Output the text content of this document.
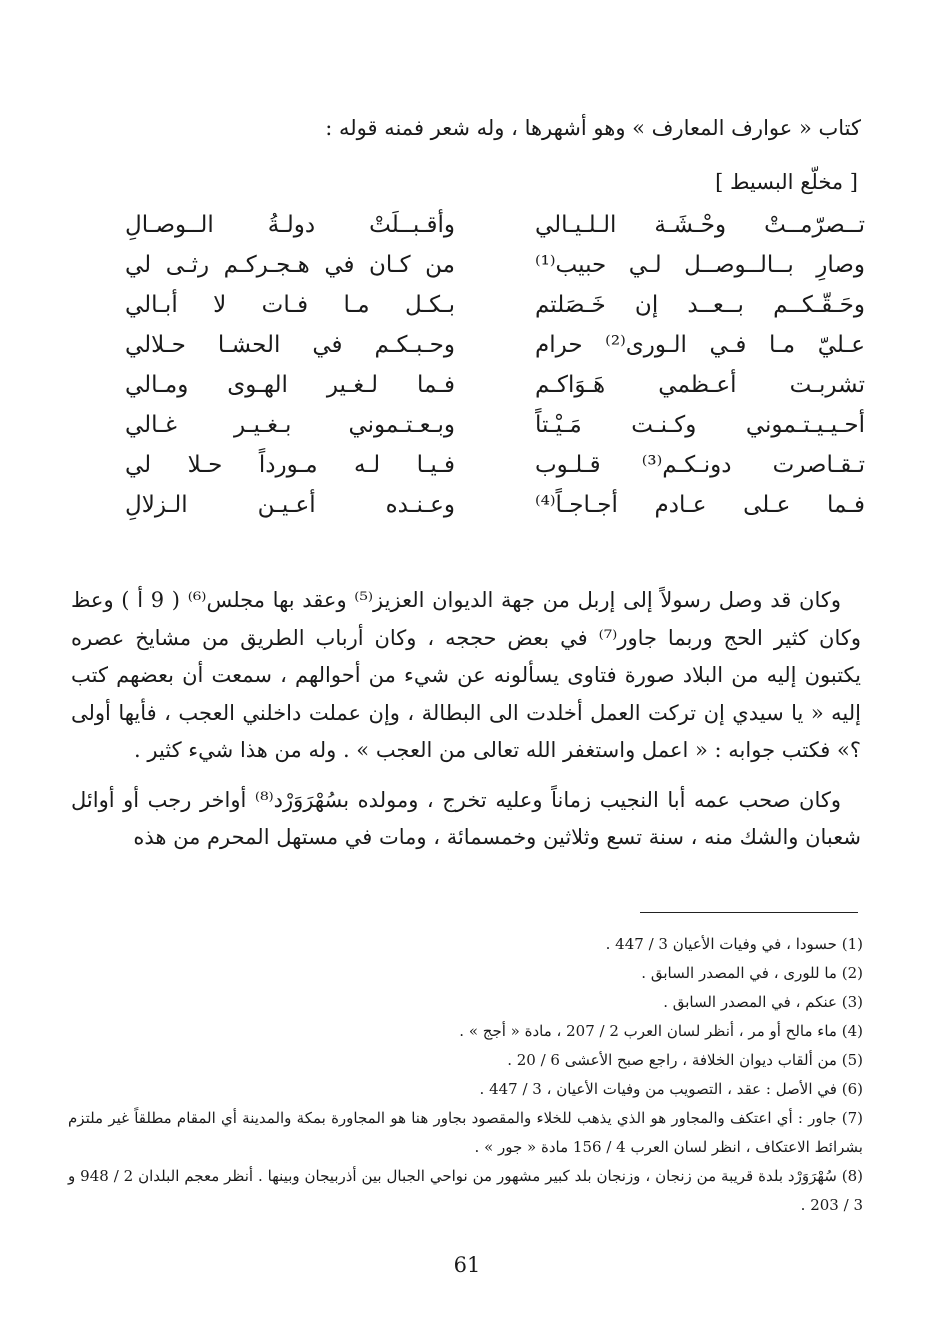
كتاب « عوارف المعارف » وهو أشهرها ، وله شعر فمنه قوله :
[ مخلّع البسيط ]
تــصرّمــتْ وحْـشَـة الـلـيـالي
وأقـبــلَتْ دولـةُ الــوصـالِ
وصارِ بــالــوصــل لـي حبيب⁽¹⁾
من كـان في هـجـركـم رثـى لي
وحَـقّـكــم بــعــد إن خَـصَلتم
بـكـل مـا فـات لا أبـالي
عـليّ مـا فـي الـورى⁽²⁾ حرام
وحـبـكـم في الحشـا حـلالي
تشربـت أعـظمي هَـوَاكـم
فـما لـغـير الهـوى ومـالي
أحـيـيـتـموني وكـنـت مَـيْـتاً
وبـعـتـموني بـغـيـر غـالي
تـقـاصرت دونـكـم⁽³⁾ قـلـوب
فـيـا لـه مـورداً حـلا لي
فـما عـلى عـادم أجـاجـاً⁽⁴⁾
وعـنـده أعـيـن الـزلالِ

وكان قد وصل رسولاً إلى إربل من جهة الديوان العزيز⁽⁵⁾ وعقد بها مجلس⁽⁶⁾ ( 9 أ ) وعظ وكان كثير الحج وربما جاور⁽⁷⁾ في بعض حججه ، وكان أرباب الطريق من مشايخ عصره يكتبون إليه من البلاد صورة فتاوى يسألونه عن شيء من أحوالهم ، سمعت أن بعضهم كتب إليه « يا سيدي إن تركت العمل أخلدت الى البطالة ، وإن عملت داخلني العجب ، فأيها أولى ؟» فكتب جوابه : « اعمل واستغفر الله تعالى من العجب » . وله من هذا شيء كثير .

وكان صحب عمه أبا النجيب زماناً وعليه تخرج ، ومولده بسُهْرَوَرْد⁽⁸⁾ أواخر رجب أو أوائل شعبان والشك منه ، سنة تسع وثلاثين وخمسمائة ، ومات في مستهل المحرم من هذه

(1) حسودا ، في وفيات الأعيان 3 / 447 .

(2) ما للورى ، في المصدر السابق .

(3) عنكم ، في المصدر السابق .

(4) ماء مالح أو مر ، أنظر لسان العرب 2 / 207 ، مادة « أجج » .

(5) من ألقاب ديوان الخلافة ، راجع صبح الأعشى 6 / 20 .

(6) في الأصل : عقد ، التصويب من وفيات الأعيان ، 3 / 447 .

(7) جاور : أي اعتكف والمجاور هو الذي يذهب للخلاء والمقصود بجاور هنا هو المجاورة بمكة والمدينة أي المقام مطلقاً غير ملتزم بشرائط الاعتكاف ، انظر لسان العرب 4 / 156 مادة « جور » .

(8) سُهْرَوَرْد بلدة قريبة من زنجان ، وزنجان بلد كبير مشهور من نواحي الجبال بين أذربيجان وبينها . أنظر معجم البلدان 2 / 948 و 3 / 203 .

61
